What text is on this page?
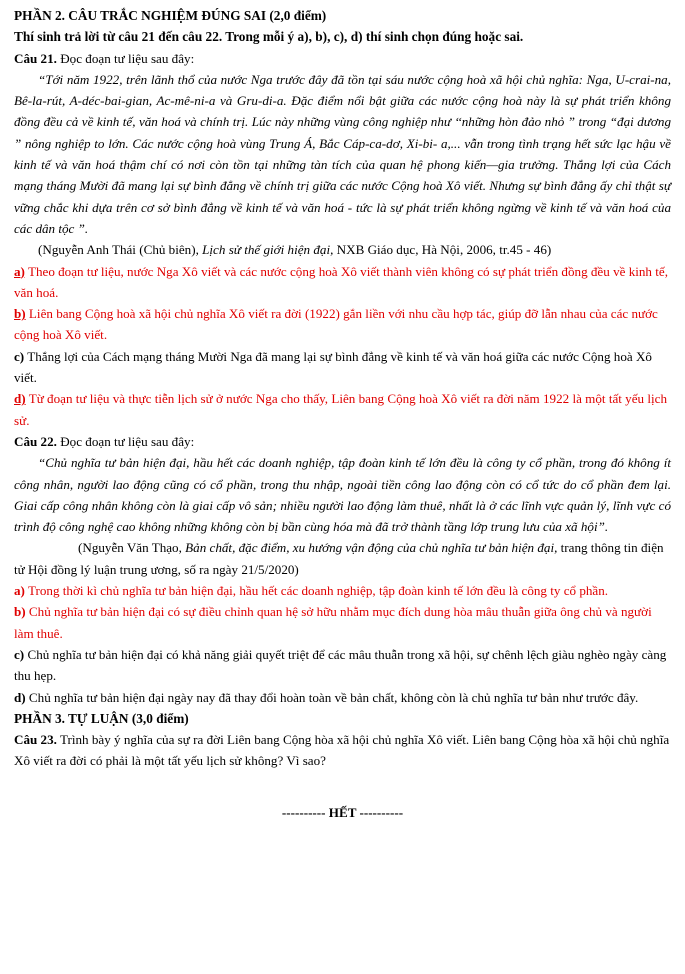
PHẦN 2. CÂU TRẮC NGHIỆM ĐÚNG SAI (2,0 điểm)

Thí sinh trả lời từ câu 21 đến câu 22. Trong mỗi ý a), b), c), d) thí sinh chọn đúng hoặc sai.

Câu 21. Đọc đoạn tư liệu sau đây:

“Tới năm 1922, trên lãnh thổ của nước Nga trước đây đã tồn tại sáu nước cộng hoà xã hội chủ nghĩa: Nga, U-crai-na, Bê-la-rút, A-déc-bai-gian, Ac-mê-ni-a và Gru-di-a. Đặc điểm nổi bật giữa các nước cộng hoà này là sự phát triển không đồng đều cả về kinh tế, văn hoá và chính trị. Lúc này những vùng công nghiệp như ‘‘những hòn đảo nhỏ ” trong “đại dương ” nông nghiệp to lớn. Các nước cộng hoà vùng Trung Á, Bắc Cáp-ca-dơ, Xi-bi- a,... vẫn trong tình trạng hết sức lạc hậu về kinh tế và văn hoá thậm chí có nơi còn tồn tại những tàn tích của quan hệ phong kiến—gia trưởng. Thắng lợi của Cách mạng tháng Mười đã mang lại sự bình đẳng về chính trị giữa các nước Cộng hoà Xô viết. Nhưng sự bình đẳng ấy chỉ thật sự vững chắc khi dựa trên cơ sở bình đẳng về kinh tế và văn hoá - tức là sự phát triển không ngừng về kinh tế và văn hoá của các dân tộc ”.

(Nguyễn Anh Thái (Chủ biên), Lịch sử thế giới hiện đại, NXB Giáo dục, Hà Nội, 2006, tr.45 - 46)

a) Theo đoạn tư liệu, nước Nga Xô viết và các nước cộng hoà Xô viết thành viên không có sự phát triển đồng đều về kinh tế, văn hoá.

b) Liên bang Cộng hoà xã hội chủ nghĩa Xô viết ra đời (1922) gắn liền với nhu cầu hợp tác, giúp đỡ lẫn nhau của các nước cộng hoà Xô viết.

c) Thắng lợi của Cách mạng tháng Mười Nga đã mang lại sự bình đẳng về kinh tế và văn hoá giữa các nước Cộng hoà Xô viết.

d) Từ đoạn tư liệu và thực tiễn lịch sử ở nước Nga cho thấy, Liên bang Cộng hoà Xô viết ra đời năm 1922 là một tất yếu lịch sử.

Câu 22. Đọc đoạn tư liệu sau đây:

“Chủ nghĩa tư bản hiện đại, hầu hết các doanh nghiệp, tập đoàn kinh tế lớn đều là công ty cổ phần, trong đó không ít công nhân, người lao động cũng có cổ phần, trong thu nhập, ngoài tiền công lao động còn có cổ tức do cổ phần đem lại. Giai cấp công nhân không còn là giai cấp vô sản; nhiều người lao động làm thuê, nhất là ở các lĩnh vực quản lý, lĩnh vực có trình độ công nghệ cao không những không còn bị bần cùng hóa mà đã trở thành tầng lớp trung lưu của xã hội”.

(Nguyễn Văn Thạo, Bản chất, đặc điểm, xu hướng vận động của chủ nghĩa tư bản hiện đại, trang thông tin điện tử Hội đồng lý luận trung ương, số ra ngày 21/5/2020)

a) Trong thời kì chủ nghĩa tư bản hiện đại, hầu hết các doanh nghiệp, tập đoàn kinh tế lớn đều là công ty cổ phần.

b) Chủ nghĩa tư bản hiện đại có sự điều chỉnh quan hệ sở hữu nhằm mục đích dung hòa mâu thuẫn giữa ông chủ và người làm thuê.

c) Chủ nghĩa tư bản hiện đại có khả năng giải quyết triệt để các mâu thuẫn trong xã hội, sự chênh lệch giàu nghèo ngày càng thu hẹp.

d) Chủ nghĩa tư bản hiện đại ngày nay đã thay đổi hoàn toàn về bản chất, không còn là chủ nghĩa tư bản như trước đây.

PHẦN 3. TỰ LUẬN (3,0 điểm)

Câu 23. Trình bày ý nghĩa của sự ra đời Liên bang Cộng hòa xã hội chủ nghĩa Xô viết. Liên bang Cộng hòa xã hội chủ nghĩa Xô viết ra đời có phải là một tất yếu lịch sử không? Vì sao?

---------- HẾT ----------
